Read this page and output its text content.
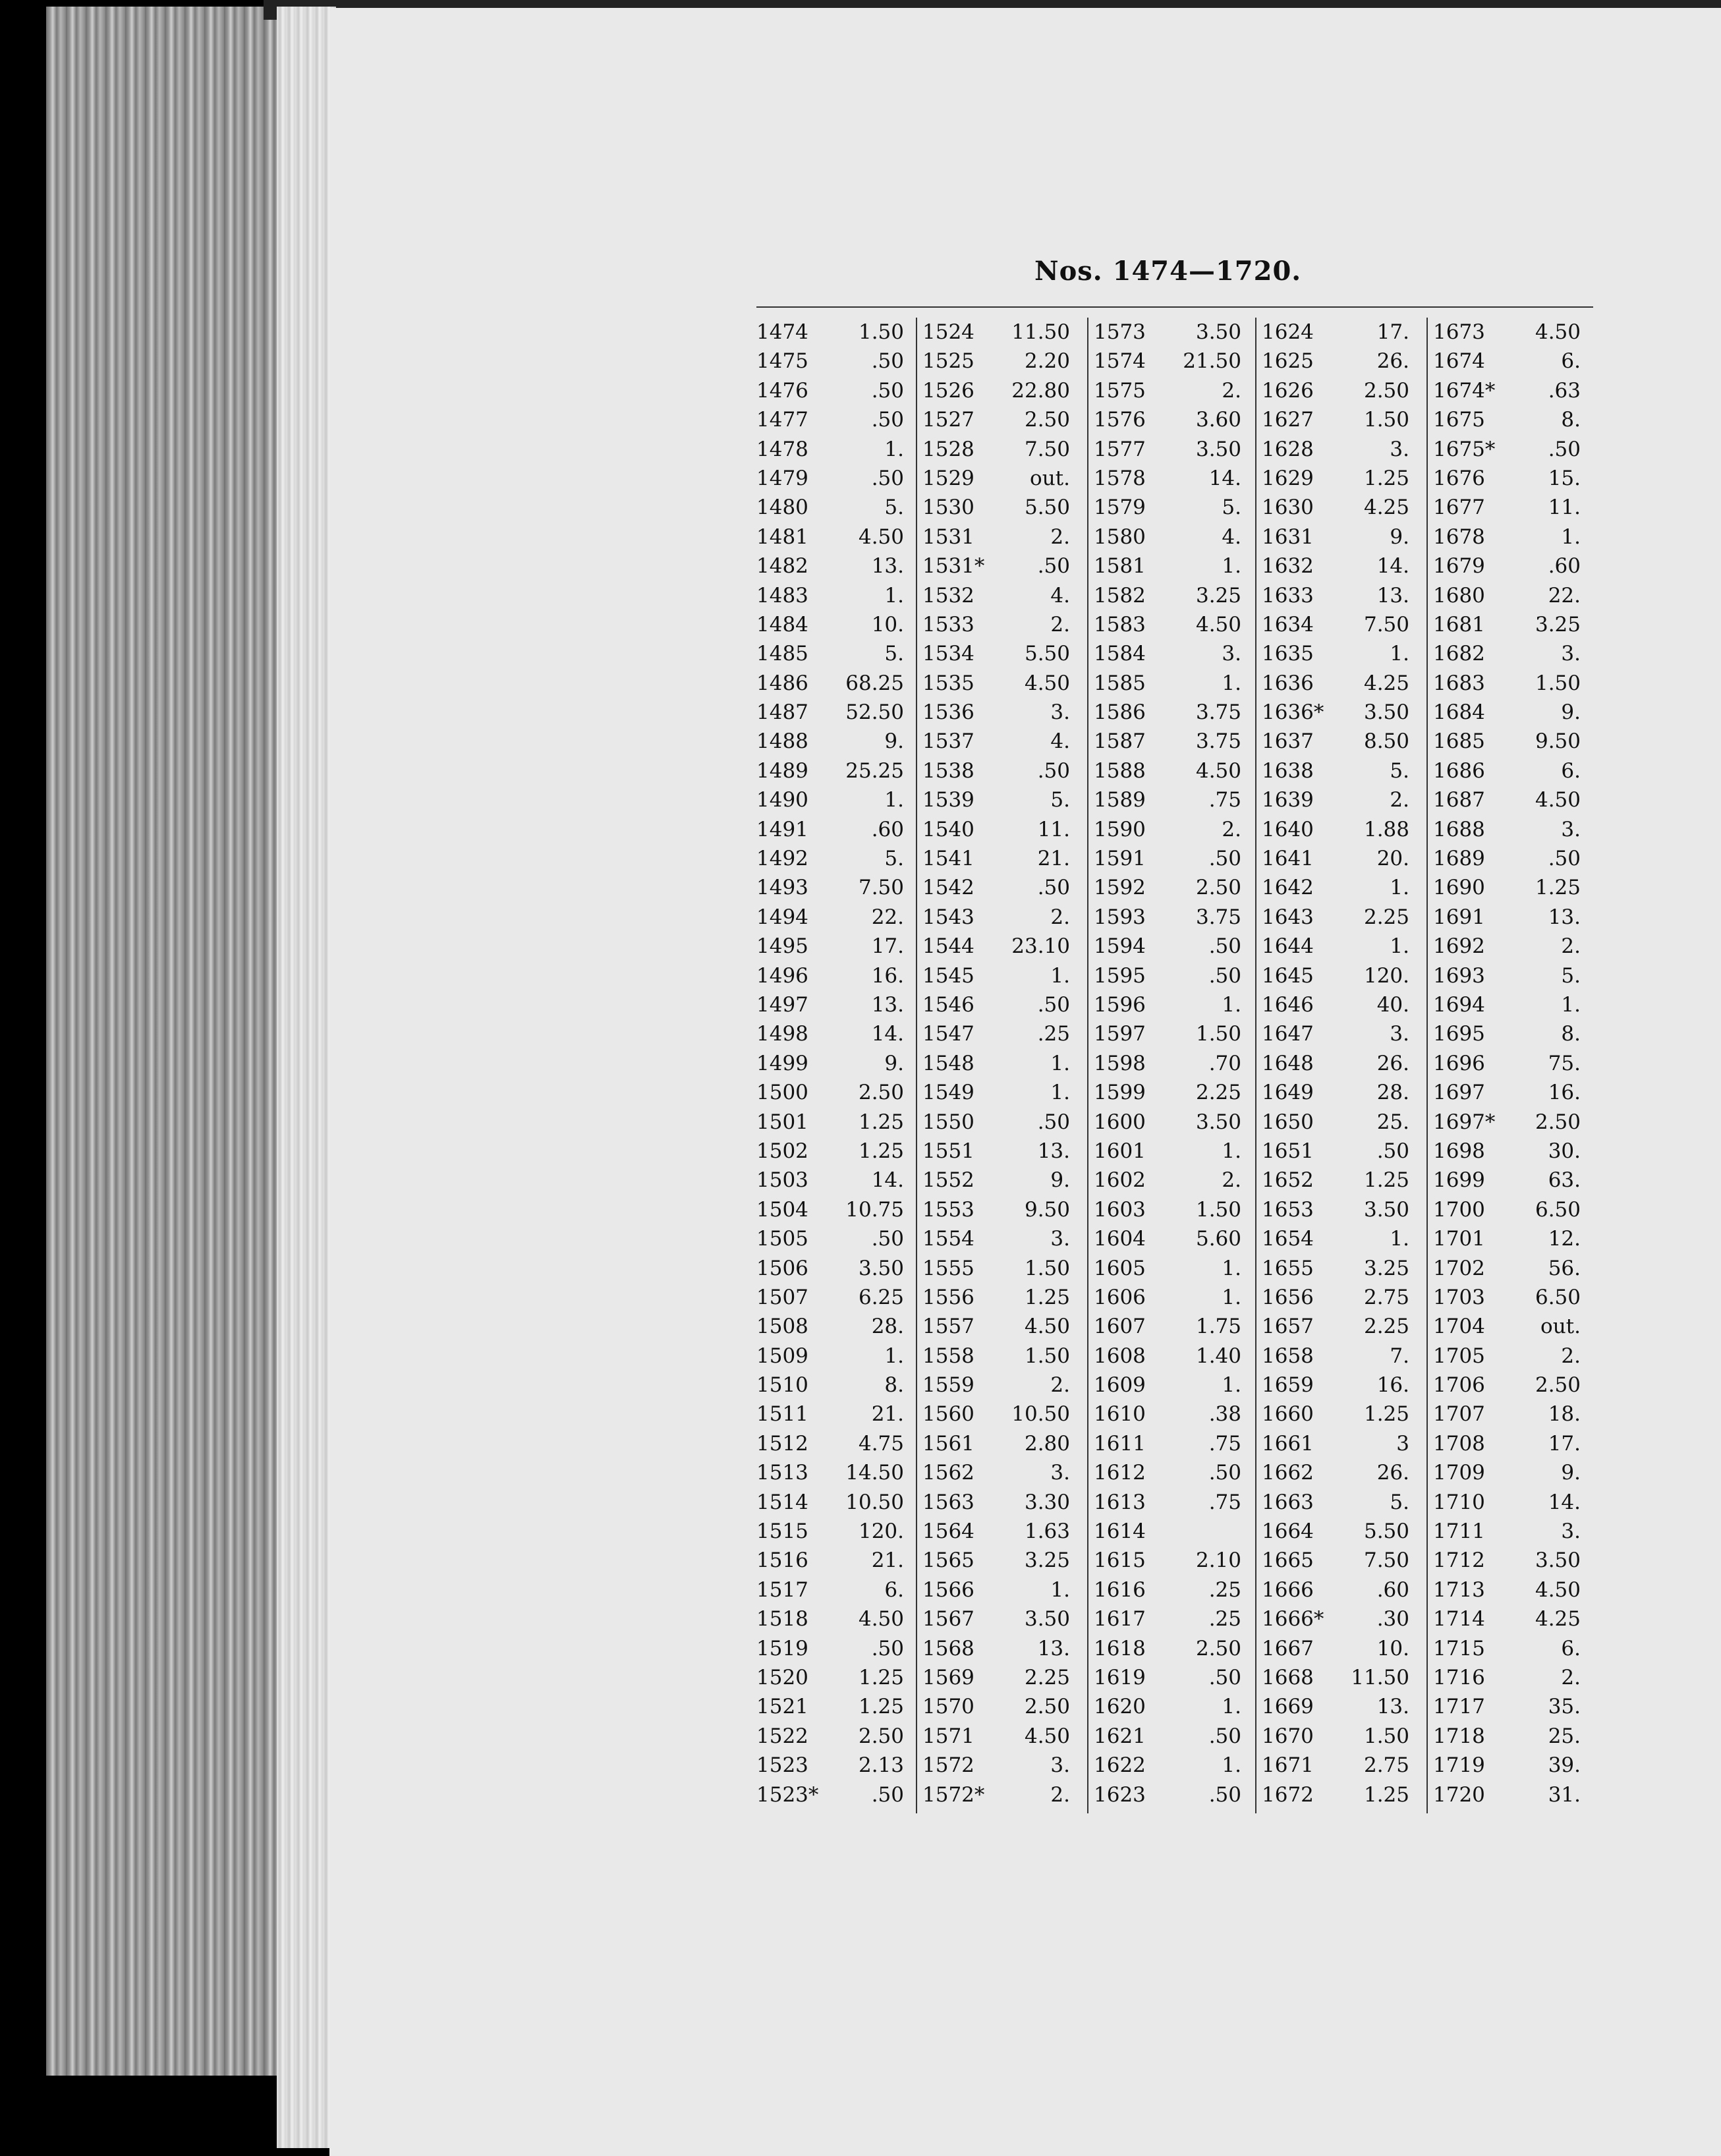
Nos. 1474—1720.
1474 1.50
1475	.50
1476	.50
1477	.50
1478	1.
1479	.50
1480	5.
1481 4.50
1482	13.
1483	1.
1484	10.
1485	5.
1486 68.25
1487 52.50
1488	9.
1489 25.25
1490	1.
1491	.60
1492	5.
1493 7.50
1494	22.
1495	17.
1496	16.
1497	13.
1498	14.
1499	9.
1500 2.50
1501 1.25
1502 1.25
1503	14.
1504 10.75
1505	.50
1506 3.50
1507 6.25
1508	28.
1509	1.
1510	8.
1511	21.
1512 4.75
1513 14.50
1514 10.50
1515 120.
1516	21.
1517	6.
1518 4.50
1519	.50
1520 1.25
1521 1.25
1522 2.50
1523 2.13
1523*	.50
1524 11.50
1525 2.20
1526 22.80
1527 2.50
1528 7.50
1529	out.
1530 5.50
1531	2.
1531*	.50
1532	4.
1533	2.
1534 5.50
1535 4.50
1536	3.
1537	4.
1538	.50
1539	5.
1540	11.
1541	21.
1542	.50
1543	2.
1544 23.10
1545	1.
1546	.50
1547	.25
1548	1.
1549	1.
1550	.50
1551	13.
1552	9.
1553 9.50
1554	3.
1555 1.50
1556 1.25
1557 4.50
1558 1.50
1559	2.
1560 10.50
1561 2.80
1562	3.
1563 3.30
1564 1.63
1565 3.25
1566	1.
1567 3.50
1568	13.
1569 2.25
1570 2.50
1571 4.50
1572	3.
1572*	2.
1573 3.50
1574 21.50
1575	2.
1576 3.60
1577 3.50
1578	14.
1579	5.
1580	4.
1581	1.
1582 3.25
1583 4.50
1584	3.
1585	1.
1586 3.75
1587 3.75
1588 4.50
1589	.75
1590	2.
1591	.50
1592 2.50
1593 3.75
1594	.50
1595	.50
1596	1.
1597 1.50
1598	.70
1599 2.25
1600 3.50
1601	1.
1602	2.
1603 1.50
1604 5.60
1605	1.
1606	1.
1607 1.75
1608 1.40
1609	1.
1610	.38
1611	.75
1612	.50
1613	.75
1614
1615 2.10
1616	.25
1617	.25
1618 2.50
1619	.50
1620	1.
1621	.50
1622	1.
1623	.50
1624	17.
1625	26.
1626 2.50
1627 1.50
1628	3.
1629 1.25
1630 4.25
1631	9.
1632	14.
1633	13.
1634 7.50
1635	1.
1636 4.25
1636* 3.50
1637 8.50
1638	5.
1639	2.
1640 1.88
1641	20.
1642	1.
1643 2.25
1644	1.
1645 120.
1646	40.
1647	3.
1648	26.
1649	28.
1650	25.
1651	.50
1652 1.25
1653 3.50
1654	1.
1655 3.25
1656 2.75
1657 2.25
1658	7.
1659	16.
1660 1.25
1661	3
1662	26.
1663	5.
1664 5.50
1665 7.50
1666	.60
1666*	.30
1667	10.
1668 11.50
1669	13.
1670 1.50
1671 2.75
1672 1.25
1673 4.50
1674	6.
1674*	.63
1675	8.
1675*	.50
1676	15.
1677	11.
1678	1.
1679	.60
1680	22.
1681 3.25
1682	3.
1683 1.50
1684	9.
1685 9.50
1686	6.
1687 4.50
1688	3.
1689	.50
1690 1.25
1691	13.
1692	2.
1693	5.
1694	1.
1695	8.
1696	75.
1697	16.
1697* 2.50
1698	30.
1699	63.
1700 6.50
1701	12.
1702	56.
1703 6.50
1704	out.
1705	2.
1706 2.50
1707	18.
1708	17.
1709	9.
1710	14.
1711	3.
1712 3.50
1713 4.50
1714 4.25
1715	6.
1716	2.
1717	35.
1718	25.
1719	39.
1720	31.
